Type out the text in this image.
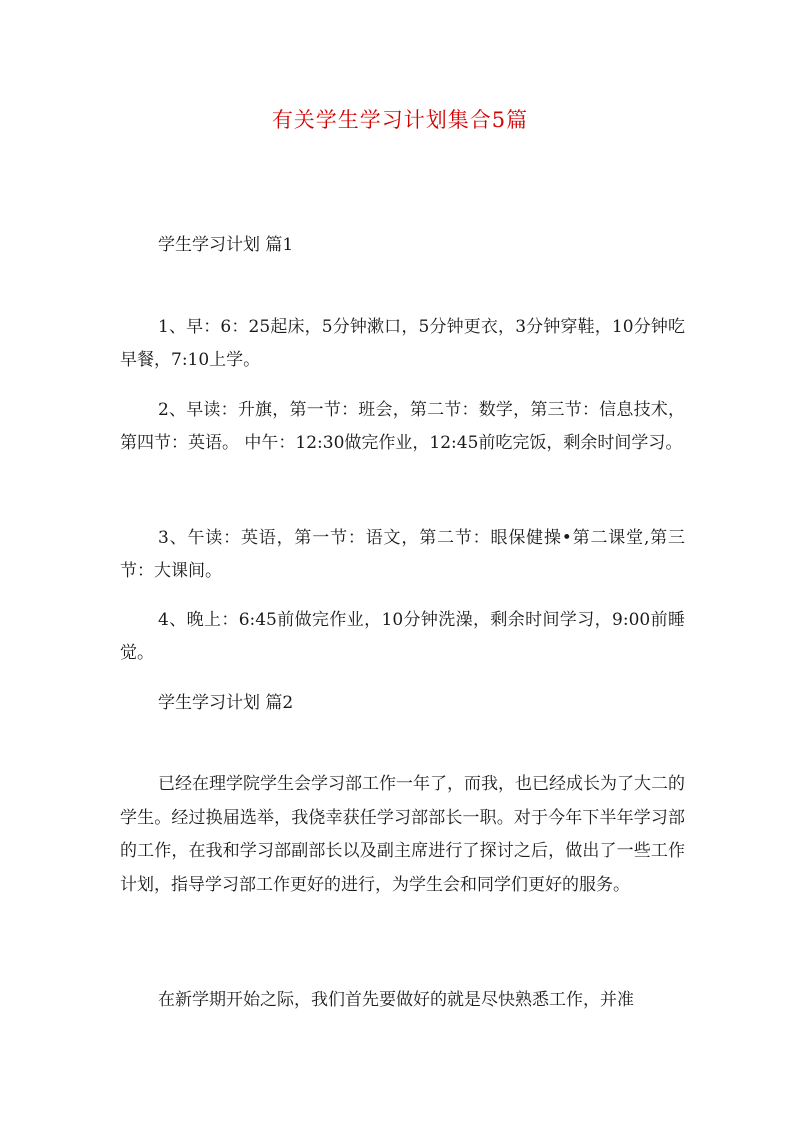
有关学生学习计划集合5篇
学生学习计划 篇1

1、早：6：25起床，5分钟漱口，5分钟更衣，3分钟穿鞋，10分钟吃早餐，7:10上学。

2、早读：升旗，第一节：班会，第二节：数学，第三节：信息技术，第四节：英语。 中午：12:30做完作业，12:45前吃完饭，剩余时间学习。

3、午读：英语，第一节：语文，第二节：眼保健操•第二课堂,第三节：大课间。

4、晚上：6:45前做完作业，10分钟洗澡，剩余时间学习，9:00前睡觉。

学生学习计划 篇2

已经在理学院学生会学习部工作一年了，而我，也已经成长为了大二的学生。经过换届选举，我侥幸获任学习部部长一职。对于今年下半年学习部的工作，在我和学习部副部长以及副主席进行了探讨之后，做出了一些工作计划，指导学习部工作更好的进行，为学生会和同学们更好的服务。

在新学期开始之际，我们首先要做好的就是尽快熟悉工作，并准
